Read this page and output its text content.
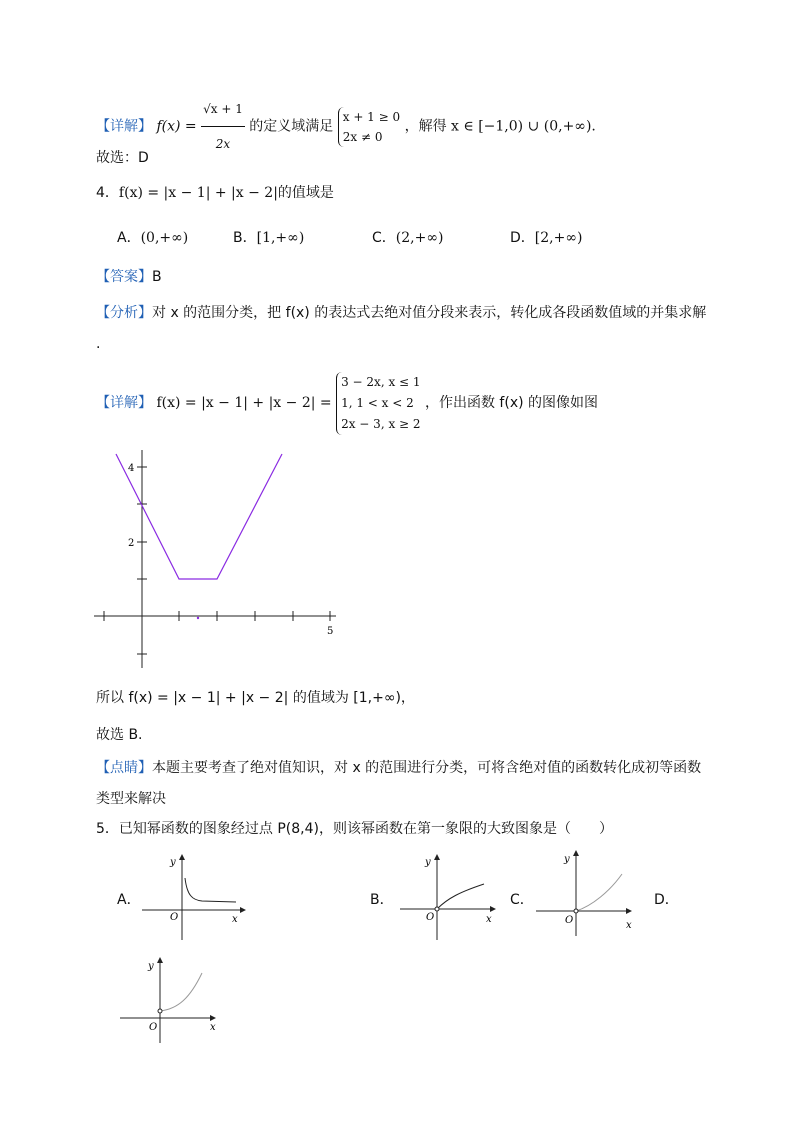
【详解】 $f(x) = \frac{√x + 1}{2x}$ 的定义域满足
x + 1 ≥ 0
2x ≠ 0
，解得 x ∈ [−1,0) ∪ (0,+∞).
故选：D
4．f(x) = |x − 1| + |x − 2|的值域是
A．(0,+∞)	B．[1,+∞)	C．(2,+∞)	D．[2,+∞)
【答案】B
【分析】对 x 的范围分类，把 f(x) 的表达式去绝对值分段来表示，转化成各段函数值域的并集求解
.
【详解】 f(x) = |x − 1| + |x − 2| =
3 − 2x, x ≤ 1
1, 1 < x < 2
2x − 3, x ≥ 2
，作出函数 f(x) 的图像如图
4
2
5
所以 f(x) = |x − 1| + |x − 2| 的值域为 [1,+∞)，
故选 B.
【点睛】本题主要考查了绝对值知识，对 x 的范围进行分类，可将含绝对值的函数转化成初等函数
类型来解决
5．已知幂函数的图象经过点 P(8,4)，则该幂函数在第一象限的大致图象是（　　）
A．	B．	C．	D．
y
x
O
y
x
O
y
x
O
y
x
O
